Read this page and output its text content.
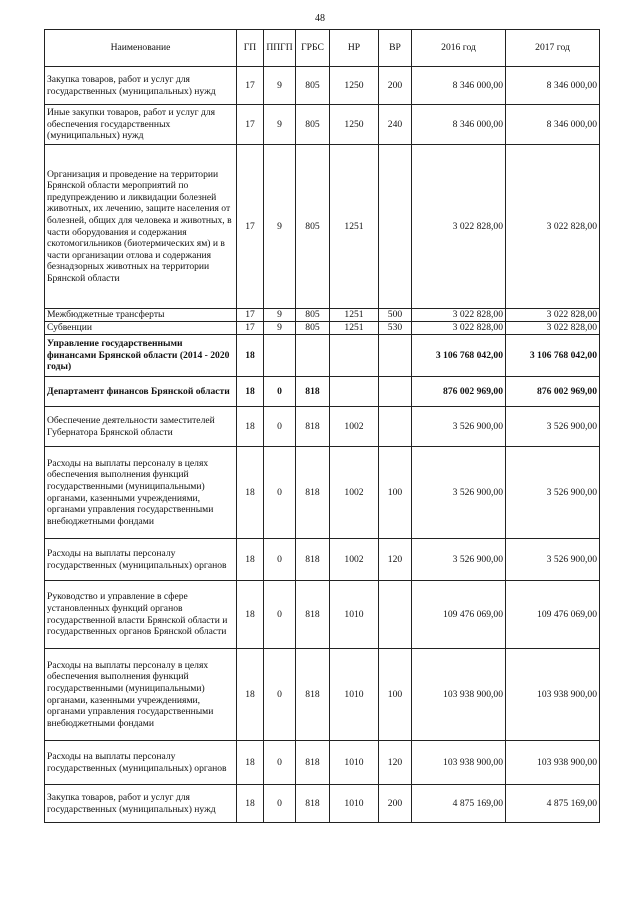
48
Наименование	ГП	ППГП	ГРБС	НР	ВР	2016 год	2017 год
Закупка товаров, работ и услуг для государственных (муниципальных) нужд	17	9	805	1250	200	8 346 000,00	8 346 000,00
Иные закупки товаров, работ и услуг для обеспечения государственных (муниципальных) нужд	17	9	805	1250	240	8 346 000,00	8 346 000,00
Организация и проведение на территории Брянской области мероприятий по предупреждению и ликвидации болезней животных, их лечению, защите населения от болезней, общих для человека и животных, в части оборудования и содержания скотомогильников (биотермических ям) и в части организации отлова и содержания безнадзорных животных на территории Брянской области	17	9	805	1251		3 022 828,00	3 022 828,00
Межбюджетные трансферты	17	9	805	1251	500	3 022 828,00	3 022 828,00
Субвенции	17	9	805	1251	530	3 022 828,00	3 022 828,00
Управление государственными финансами Брянской области (2014 - 2020 годы)	18					3 106 768 042,00	3 106 768 042,00
Департамент финансов Брянской области	18	0	818			876 002 969,00	876 002 969,00
Обеспечение деятельности заместителей Губернатора Брянской области	18	0	818	1002		3 526 900,00	3 526 900,00
Расходы на выплаты персоналу в целях обеспечения выполнения функций государственными (муниципальными) органами, казенными учреждениями, органами управления государственными внебюджетными фондами	18	0	818	1002	100	3 526 900,00	3 526 900,00
Расходы на выплаты персоналу государственных (муниципальных) органов	18	0	818	1002	120	3 526 900,00	3 526 900,00
Руководство и управление в сфере установленных функций органов государственной власти Брянской области и государственных органов Брянской области	18	0	818	1010		109 476 069,00	109 476 069,00
Расходы на выплаты персоналу в целях обеспечения выполнения функций государственными (муниципальными) органами, казенными учреждениями, органами управления государственными внебюджетными фондами	18	0	818	1010	100	103 938 900,00	103 938 900,00
Расходы на выплаты персоналу государственных (муниципальных) органов	18	0	818	1010	120	103 938 900,00	103 938 900,00
Закупка товаров, работ и услуг для государственных (муниципальных) нужд	18	0	818	1010	200	4 875 169,00	4 875 169,00
